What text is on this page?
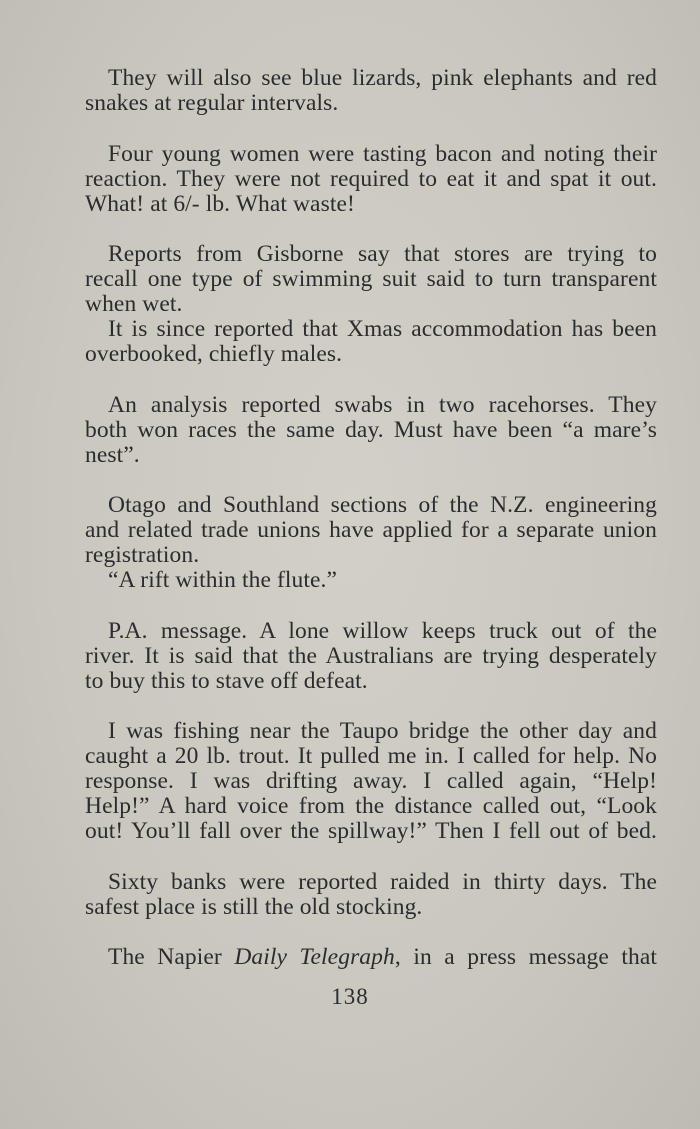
They will also see blue lizards, pink elephants and red
snakes at regular intervals.
Four young women were tasting bacon and noting their
reaction. They were not required to eat it and spat it out.
What! at 6/- lb. What waste!
Reports from Gisborne say that stores are trying to
recall one type of swimming suit said to turn transparent
when wet.
It is since reported that Xmas accommodation has been
overbooked, chiefly males.
An analysis reported swabs in two racehorses. They
both won races the same day. Must have been “a mare’s
nest”.
Otago and Southland sections of the N.Z. engineering
and related trade unions have applied for a separate union
registration.
“A rift within the flute.”
P.A. message. A lone willow keeps truck out of the
river. It is said that the Australians are trying desperately
to buy this to stave off defeat.
I was fishing near the Taupo bridge the other day and
caught a 20 lb. trout. It pulled me in. I called for help. No
response. I was drifting away. I called again, “Help!
Help!” A hard voice from the distance called out, “Look
out! You’ll fall over the spillway!” Then I fell out of bed.
Sixty banks were reported raided in thirty days. The
safest place is still the old stocking.
The Napier Daily Telegraph, in a press message that
138
